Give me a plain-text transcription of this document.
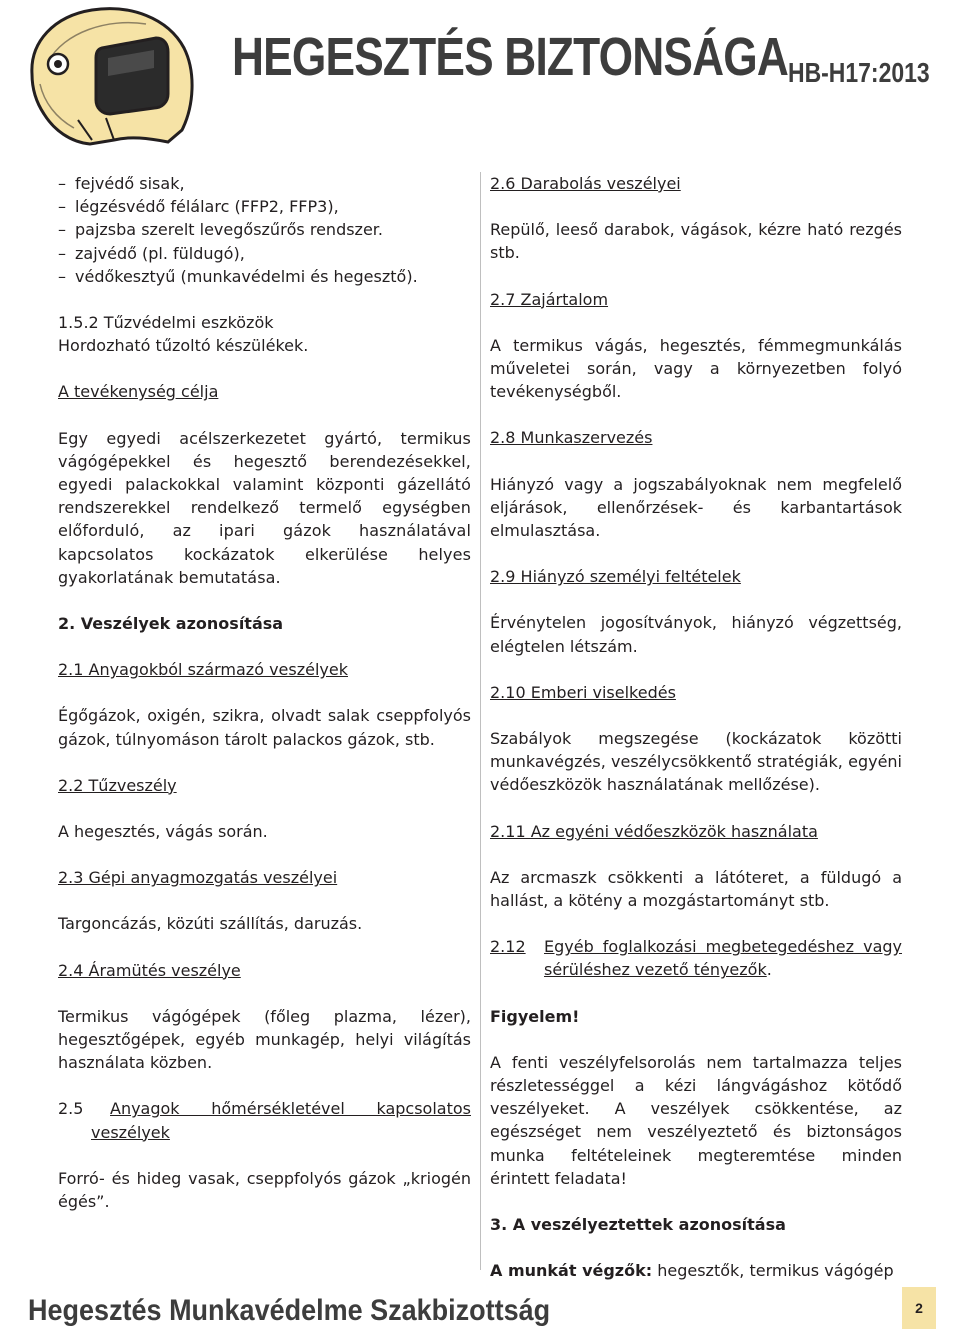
HEGESZTÉS BIZTONSÁGA HB-H17:2013
– fejvédő sisak,
– légzésvédő félálarc (FFP2, FFP3),
– pajzsba szerelt levegőszűrős rendszer.
– zajvédő (pl. füldugó),
– védőkesztyű (munkavédelmi és hegesztő).

1.5.2 Tűzvédelmi eszközök

Hordozható tűzoltó készülékek.

A tevékenység célja

Egy egyedi acélszerkezetet gyártó, termikus vágógépekkel és hegesztő berendezésekkel, egyedi palackokkal valamint központi gázellátó rendszerekkel rendelkező termelő egységben előforduló, az ipari gázok használatával kapcsolatos kockázatok elkerülése helyes gyakorlatának bemutatása.

2. Veszélyek azonosítása

2.1 Anyagokból származó veszélyek

Égőgázok, oxigén, szikra, olvadt salak cseppfolyós gázok, túlnyomáson tárolt palackos gázok, stb.

2.2 Tűzveszély

A hegesztés, vágás során.

2.3 Gépi anyagmozgatás veszélyei

Targoncázás, közúti szállítás, daruzás.

2.4 Áramütés veszélye

Termikus vágógépek (főleg plazma, lézer), hegesztőgépek, egyéb munkagép, helyi világítás használata közben.

2.5 Anyagok hőmérsékletével kapcsolatos veszélyek

Forró- és hideg vasak, cseppfolyós gázok „kriogén égés”.

2.6 Darabolás veszélyei

Repülő, leeső darabok, vágások, kézre ható rezgés stb.

2.7 Zajártalom

A termikus vágás, hegesztés, fémmegmunkálás műveletei során, vagy a környezetben folyó tevékenységből.

2.8 Munkaszervezés

Hiányzó vagy a jogszabályoknak nem megfelelő eljárások, ellenőrzések- és karbantartások elmulasztása.

2.9 Hiányzó személyi feltételek

Érvénytelen jogosítványok, hiányzó végzettség, elégtelen létszám.

2.10 Emberi viselkedés

Szabályok megszegése (kockázatok közötti munkavégzés, veszélycsökkentő stratégiák, egyéni védőeszközök használatának mellőzése).

2.11 Az egyéni védőeszközök használata

Az arcmaszk csökkenti a látóteret, a füldugó a hallást, a kötény a mozgástartományt stb.

2.12 Egyéb foglalkozási megbetegedéshez vagy sérüléshez vezető tényezők.

Figyelem!

A fenti veszélyfelsorolás nem tartalmazza teljes részletességgel a kézi lángvágáshoz kötődő veszélyeket. A veszélyek csökkentése, az egészséget nem veszélyeztető és biztonságos munka feltételeinek megteremtése minden érintett feladata!

3. A veszélyeztettek azonosítása

A munkát végzők: hegesztők, termikus vágógép

Hegesztés Munkavédelme Szakbizottság	2
